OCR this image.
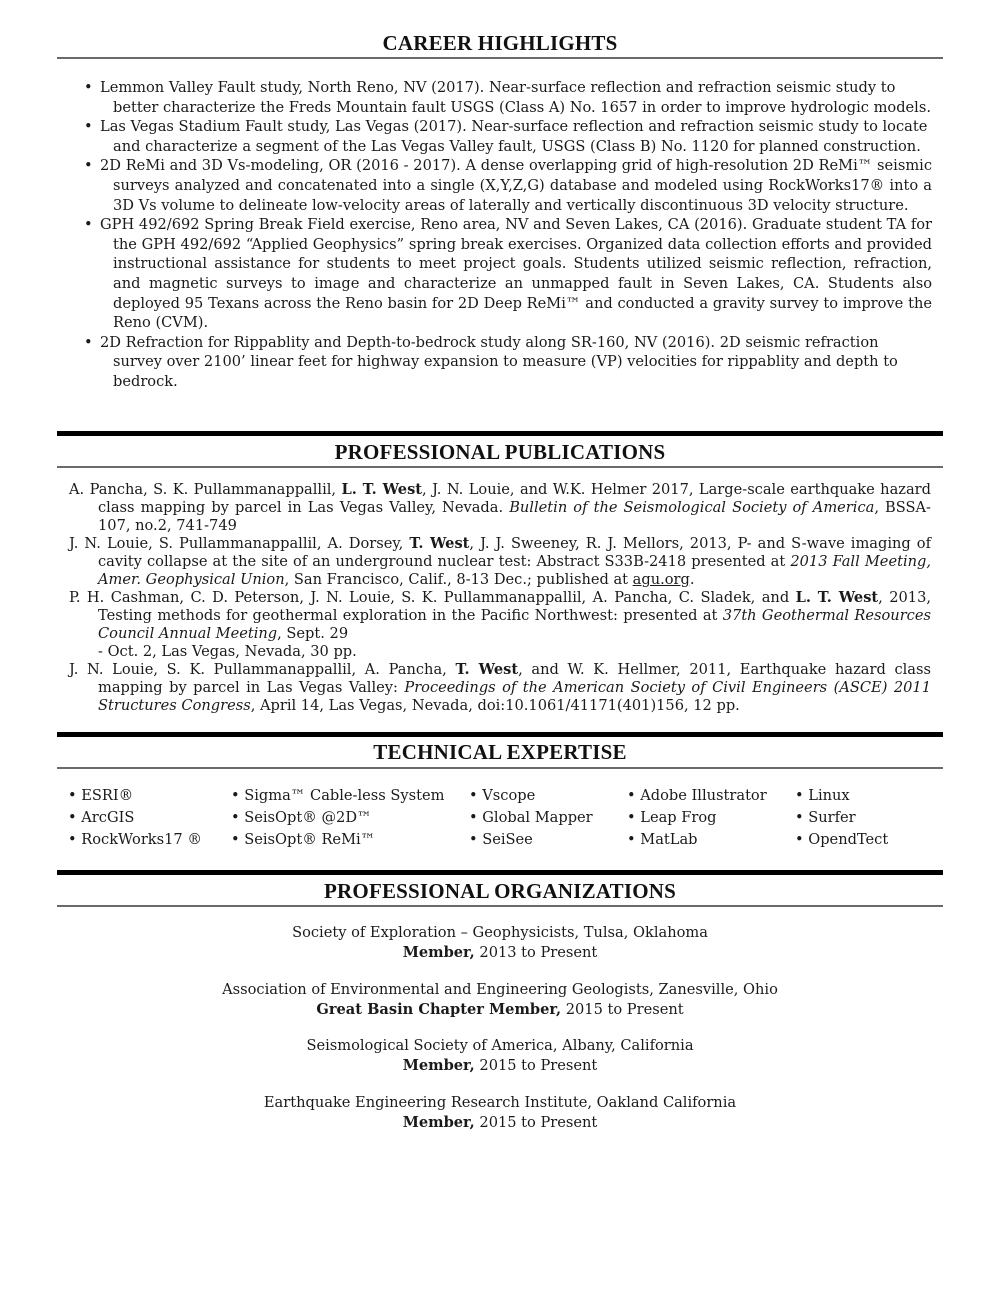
CAREER HIGHLIGHTS
• Lemmon Valley Fault study, North Reno, NV (2017). Near-surface reflection and refraction seismic study to better characterize the Freds Mountain fault USGS (Class A) No. 1657 in order to improve hydrologic models.
• Las Vegas Stadium Fault study, Las Vegas (2017). Near-surface reflection and refraction seismic study to locate and characterize a segment of the Las Vegas Valley fault, USGS (Class B) No. 1120 for planned construction.
• 2D ReMi and 3D Vs-modeling, OR (2016 - 2017). A dense overlapping grid of high-resolution 2D ReMi™ seismic surveys analyzed and concatenated into a single (X,Y,Z,G) database and modeled using RockWorks17® into a 3D Vs volume to delineate low-velocity areas of laterally and vertically discontinuous 3D velocity structure.
• GPH 492/692 Spring Break Field exercise, Reno area, NV and Seven Lakes, CA (2016). Graduate student TA for the GPH 492/692 “Applied Geophysics” spring break exercises. Organized data collection efforts and provided instructional assistance for students to meet project goals. Students utilized seismic reflection, refraction, and magnetic surveys to image and characterize an unmapped fault in Seven Lakes, CA. Students also deployed 95 Texans across the Reno basin for 2D Deep ReMi™ and conducted a gravity survey to improve the Reno (CVM).
• 2D Refraction for Rippablity and Depth-to-bedrock study along SR-160, NV (2016). 2D seismic refraction survey over 2100’ linear feet for highway expansion to measure (VP) velocities for rippablity and depth to bedrock.
PROFESSIONAL PUBLICATIONS
A. Pancha, S. K. Pullammanappallil, L. T. West, J. N. Louie, and W.K. Helmer 2017, Large-scale earthquake hazard class mapping by parcel in Las Vegas Valley, Nevada. Bulletin of the Seismological Society of America, BSSA-107, no.2, 741-749
J. N. Louie, S. Pullammanappallil, A. Dorsey, T. West, J. J. Sweeney, R. J. Mellors, 2013, P- and S-wave imaging of cavity collapse at the site of an underground nuclear test: Abstract S33B-2418 presented at 2013 Fall Meeting, Amer. Geophysical Union, San Francisco, Calif., 8-13 Dec.; published at agu.org.
P. H. Cashman, C. D. Peterson, J. N. Louie, S. K. Pullammanappallil, A. Pancha, C. Sladek, and L. T. West, 2013, Testing methods for geothermal exploration in the Pacific Northwest: presented at 37th Geothermal Resources Council Annual Meeting, Sept. 29
- Oct. 2, Las Vegas, Nevada, 30 pp.
J. N. Louie, S. K. Pullammanappallil, A. Pancha, T. West, and W. K. Hellmer, 2011, Earthquake hazard class mapping by parcel in Las Vegas Valley: Proceedings of the American Society of Civil Engineers (ASCE) 2011 Structures Congress, April 14, Las Vegas, Nevada, doi:10.1061/41171(401)156, 12 pp.
TECHNICAL EXPERTISE
• ESRI®
• ArcGIS
• RockWorks17 ®
• Sigma™ Cable-less System
• SeisOpt® @2D™
• SeisOpt® ReMi™
• Vscope
• Global Mapper
• SeiSee
• Adobe Illustrator
• Leap Frog
• MatLab
• Linux
• Surfer
• OpendTect
PROFESSIONAL ORGANIZATIONS
Society of Exploration – Geophysicists, Tulsa, Oklahoma
Member, 2013 to Present
Association of Environmental and Engineering Geologists, Zanesville, Ohio
Great Basin Chapter Member, 2015 to Present
Seismological Society of America, Albany, California
Member, 2015 to Present
Earthquake Engineering Research Institute, Oakland California
Member, 2015 to Present
